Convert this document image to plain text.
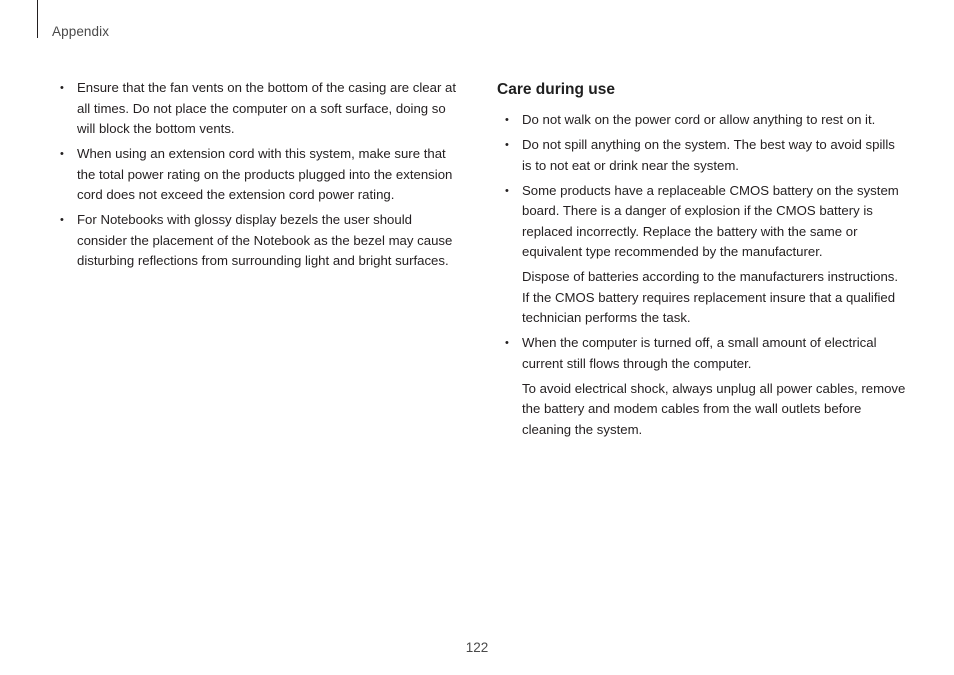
Appendix
• Ensure that the fan vents on the bottom of the casing are clear at all times. Do not place the computer on a soft surface, doing so will block the bottom vents.
• When using an extension cord with this system, make sure that the total power rating on the products plugged into the extension cord does not exceed the extension cord power rating.
• For Notebooks with glossy display bezels the user should consider the placement of the Notebook as the bezel may cause disturbing reflections from surrounding light and bright surfaces.
Care during use
• Do not walk on the power cord or allow anything to rest on it.
• Do not spill anything on the system. The best way to avoid spills is to not eat or drink near the system.
• Some products have a replaceable CMOS battery on the system board. There is a danger of explosion if the CMOS battery is replaced incorrectly. Replace the battery with the same or equivalent type recommended by the manufacturer.
Dispose of batteries according to the manufacturers instructions. If the CMOS battery requires replacement insure that a qualified technician performs the task.
• When the computer is turned off, a small amount of electrical current still flows through the computer.
To avoid electrical shock, always unplug all power cables, remove the battery and modem cables from the wall outlets before cleaning the system.
122
